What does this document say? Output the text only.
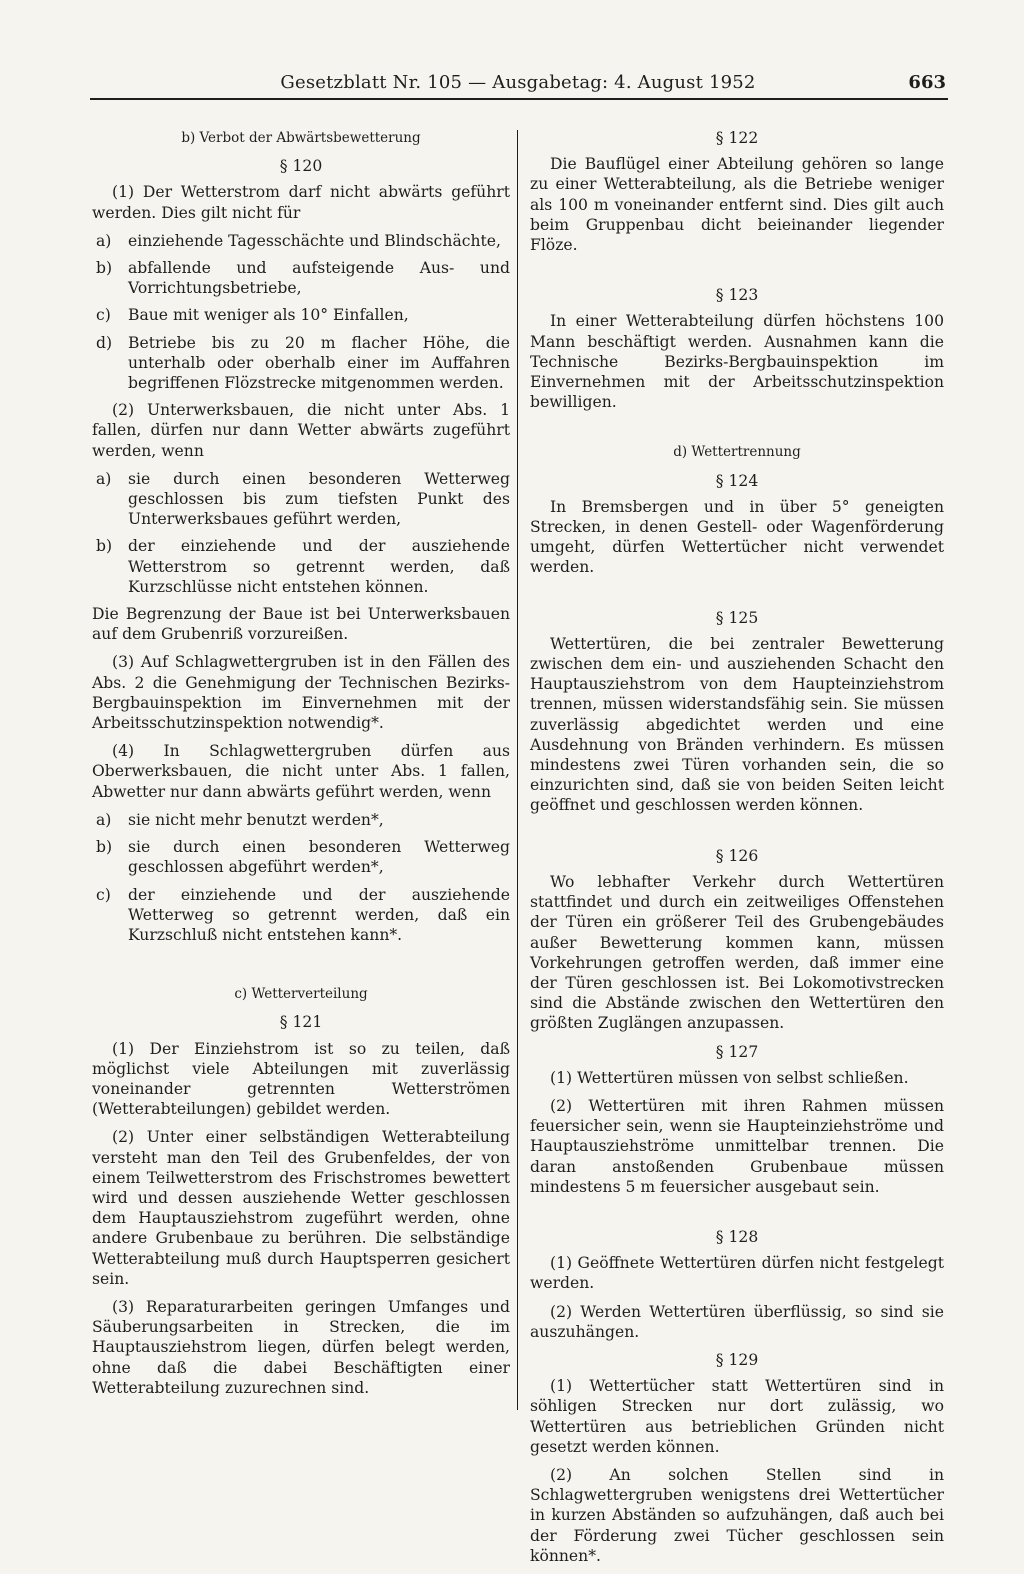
Gesetzblatt Nr. 105 — Ausgabetag: 4. August 1952	663
b) Verbot der Abwärtsbewetterung
§ 120

(1) Der Wetterstrom darf nicht abwärts geführt werden. Dies gilt nicht für

a)	einziehende Tagesschächte und Blindschächte,
b)	abfallende und aufsteigende Aus- und Vorrichtungsbetriebe,
c)	Baue mit weniger als 10° Einfallen,
d)	Betriebe bis zu 20 m flacher Höhe, die unterhalb oder oberhalb einer im Auffahren begriffenen Flözstrecke mitgenommen werden.

(2) Unterwerksbauen, die nicht unter Abs. 1 fallen, dürfen nur dann Wetter abwärts zugeführt werden, wenn

a)	sie durch einen besonderen Wetterweg geschlossen bis zum tiefsten Punkt des Unterwerksbaues geführt werden,
b)	der einziehende und der ausziehende Wetterstrom so getrennt werden, daß Kurzschlüsse nicht entstehen können.

Die Begrenzung der Baue ist bei Unterwerksbauen auf dem Grubenriß vorzureißen.

(3) Auf Schlagwettergruben ist in den Fällen des Abs. 2 die Genehmigung der Technischen Bezirks-Bergbauinspektion im Einvernehmen mit der Arbeitsschutzinspektion notwendig*.

(4) In Schlagwettergruben dürfen aus Oberwerksbauen, die nicht unter Abs. 1 fallen, Abwetter nur dann abwärts geführt werden, wenn

a)	sie nicht mehr benutzt werden*,
b)	sie durch einen besonderen Wetterweg geschlossen abgeführt werden*,
c)	der einziehende und der ausziehende Wetterweg so getrennt werden, daß ein Kurzschluß nicht entstehen kann*.
c) Wetterverteilung
§ 121

(1) Der Einziehstrom ist so zu teilen, daß möglichst viele Abteilungen mit zuverlässig voneinander getrennten Wetterströmen (Wetterabteilungen) gebildet werden.

(2) Unter einer selbständigen Wetterabteilung versteht man den Teil des Grubenfeldes, der von einem Teilwetterstrom des Frischstromes bewettert wird und dessen ausziehende Wetter geschlossen dem Hauptausziehstrom zugeführt werden, ohne andere Grubenbaue zu berühren. Die selbständige Wetterabteilung muß durch Hauptsperren gesichert sein.

(3) Reparaturarbeiten geringen Umfanges und Säuberungsarbeiten in Strecken, die im Hauptausziehstrom liegen, dürfen belegt werden, ohne daß die dabei Beschäftigten einer Wetterabteilung zuzurechnen sind.

§ 122

Die Bauflügel einer Abteilung gehören so lange zu einer Wetterabteilung, als die Betriebe weniger als 100 m voneinander entfernt sind. Dies gilt auch beim Gruppenbau dicht beieinander liegender Flöze.

§ 123

In einer Wetterabteilung dürfen höchstens 100 Mann beschäftigt werden. Ausnahmen kann die Technische Bezirks-Bergbauinspektion im Einvernehmen mit der Arbeitsschutzinspektion bewilligen.

d) Wettertrennung
§ 124

In Bremsbergen und in über 5° geneigten Strecken, in denen Gestell- oder Wagenförderung umgeht, dürfen Wettertücher nicht verwendet werden.

§ 125

Wettertüren, die bei zentraler Bewetterung zwischen dem ein- und ausziehenden Schacht den Hauptausziehstrom von dem Haupteinziehstrom trennen, müssen widerstandsfähig sein. Sie müssen zuverlässig abgedichtet werden und eine Ausdehnung von Bränden verhindern. Es müssen mindestens zwei Türen vorhanden sein, die so einzurichten sind, daß sie von beiden Seiten leicht geöffnet und geschlossen werden können.

§ 126

Wo lebhafter Verkehr durch Wettertüren stattfindet und durch ein zeitweiliges Offenstehen der Türen ein größerer Teil des Grubengebäudes außer Bewetterung kommen kann, müssen Vorkehrungen getroffen werden, daß immer eine der Türen geschlossen ist. Bei Lokomotivstrecken sind die Abstände zwischen den Wettertüren den größten Zuglängen anzupassen.

§ 127

(1) Wettertüren müssen von selbst schließen.

(2) Wettertüren mit ihren Rahmen müssen feuersicher sein, wenn sie Haupteinziehströme und Hauptausziehströme unmittelbar trennen. Die daran anstoßenden Grubenbaue müssen mindestens 5 m feuersicher ausgebaut sein.

§ 128

(1) Geöffnete Wettertüren dürfen nicht festgelegt werden.

(2) Werden Wettertüren überflüssig, so sind sie auszuhängen.

§ 129

(1) Wettertücher statt Wettertüren sind in söhligen Strecken nur dort zulässig, wo Wettertüren aus betrieblichen Gründen nicht gesetzt werden können.

(2) An solchen Stellen sind in Schlagwettergruben wenigstens drei Wettertücher in kurzen Abständen so aufzuhängen, daß auch bei der Förderung zwei Tücher geschlossen sein können*.
